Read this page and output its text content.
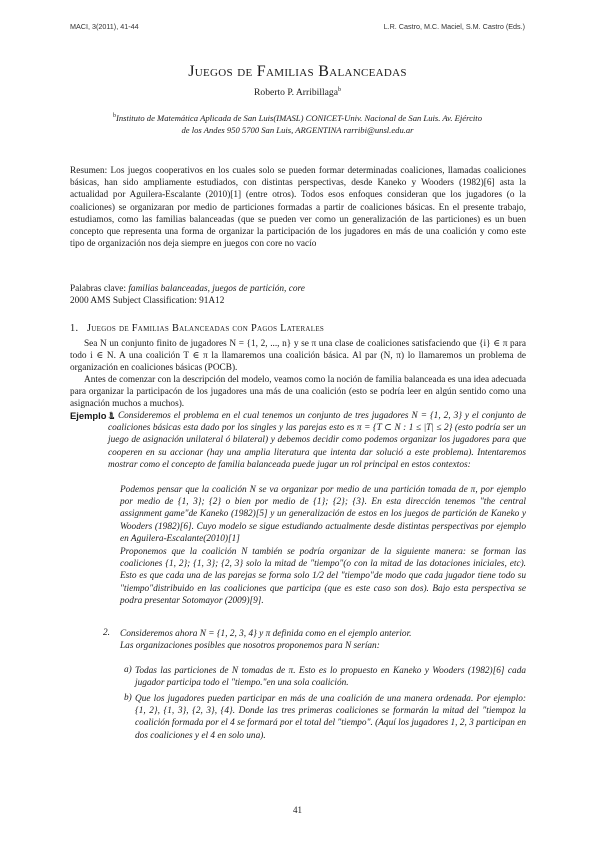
MACI, 3(2011), 41-44	L.R. Castro, M.C. Maciel, S.M. Castro (Eds.)
Juegos de Familias Balanceadas
Roberto P. Arribillaga$^b$
$^b$Instituto de Matemática Aplicada de San Luis(IMASL) CONICET-Univ. Nacional de San Luis. Av. Ejército de los Andes 950 5700 San Luis, ARGENTINA rarribi@unsl.edu.ar
Resumen: Los juegos cooperativos en los cuales solo se pueden formar determinadas coaliciones, llamadas coaliciones básicas, han sido ampliamente estudiados, con distintas perspectivas, desde Kaneko y Wooders (1982)[6] asta la actualidad por Aguilera-Escalante (2010)[1] (entre otros). Todos esos enfoques consideran que los jugadores (o la coaliciones) se organizaran por medio de particiones formadas a partir de coaliciones básicas. En el presente trabajo, estudiamos, como las familias balanceadas (que se pueden ver como un generalización de las particiones) es un buen concepto que representa una forma de organizar la participación de los jugadores en más de una coalición y como este tipo de organización nos deja siempre en juegos con core no vacío
Palabras clave: familias balanceadas, juegos de partición, core
2000 AMS Subject Classification: 91A12
1. Juegos de Familias Balanceadas con Pagos Laterales
Sea N un conjunto finito de jugadores N = {1, 2, ..., n} y se π una clase de coaliciones satisfaciendo que {i} ∈ π para todo i ∈ N. A una coalición T ∈ π la llamaremos una coalición básica. Al par (N, π) lo llamaremos un problema de organización en coaliciones básicas (POCB).
Antes de comenzar con la descripción del modelo, veamos como la noción de familia balanceada es una idea adecuada para organizar la participacón de los jugadores una más de una coalición (esto se podría leer en algún sentido como una asignación muchos a muchos).
Ejemplo 1
1. Consideremos el problema en el cual tenemos un conjunto de tres jugadores N = {1, 2, 3} y el conjunto de coaliciones básicas esta dado por los singles y las parejas esto es π = {T ⊂ N : 1 ≤ |T| ≤ 2} (esto podría ser un juego de asignación unilateral ó bilateral) y debemos decidir como podemos organizar los jugadores para que cooperen en su accionar (hay una amplia literatura que intenta dar solució a este problema). Intentaremos mostrar como el concepto de familia balanceada puede jugar un rol principal en estos contextos:
Podemos pensar que la coalición N se va organizar por medio de una partición tomada de π, por ejemplo por medio de {1, 3}; {2} o bien por medio de {1}; {2}; {3}. En esta dirección tenemos "the central assignment game"de Kaneko (1982)[5] y un generalización de estos en los juegos de partición de Kaneko y Wooders (1982)[6]. Cuyo modelo se sigue estudiando actualmente desde distintas perspectivas por ejemplo en Aguilera-Escalante(2010)[1]
Proponemos que la coalición N también se podría organizar de la siguiente manera: se forman las coaliciones {1, 2}; {1, 3}; {2, 3} solo la mitad de "tiempo"(o con la mitad de las dotaciones iniciales, etc). Esto es que cada una de las parejas se forma solo 1/2 del "tiempo"de modo que cada jugador tiene todo su "tiempo"distribuido en las coaliciones que participa (que es este caso son dos). Bajo esta perspectiva se podra presentar Sotomayor (2009)[9].
2. Consideremos ahora N = {1, 2, 3, 4} y π definida como en el ejemplo anterior.
Las organizaciones posibles que nosotros proponemos para N serían:
a) Todas las particiones de N tomadas de π. Esto es lo propuesto en Kaneko y Wooders (1982)[6] cada jugador participa todo el "tiempo."en una sola coalición.
b) Que los jugadores pueden participar en más de una coalición de una manera ordenada. Por ejemplo: {1, 2}, {1, 3}, {2, 3}, {4}. Donde las tres primeras coaliciones se formarán la mitad del "tiempoz la coalición formada por el 4 se formará por el total del "tiempo". (Aquí los jugadores 1, 2, 3 participan en dos coaliciones y el 4 en solo una).
41
